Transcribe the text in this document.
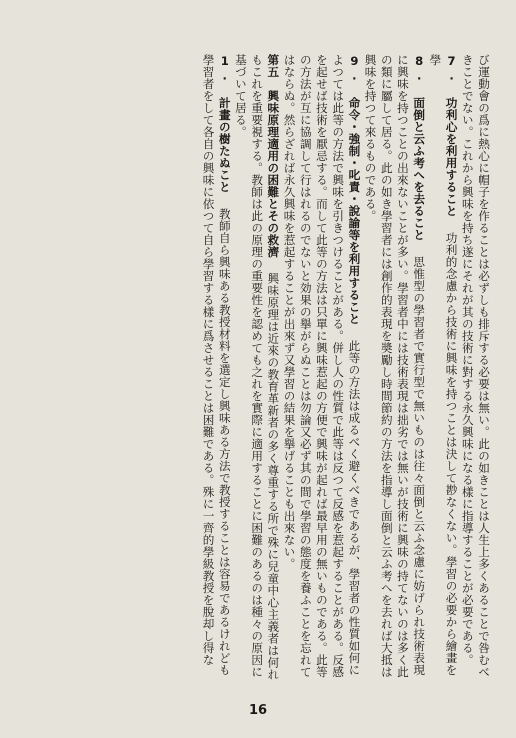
び運動會の爲に熱心に帽子を作ることは必ずしも排斥する必要は無い。此の如きことは人生上多くあることで咎むべきことでない。これから興味を持ち遂にそれが其の技術に對する永久興味になる樣に指導することが必要である。

7. 功利心を利用すること 功利的念慮から技術に興味を持つことは決して尠なくない。學習の必要から繪畫を學

8. 面倒と云ふ考へを去ること 思惟型の學習者で實行型で無いものは往々面倒と云ふ念慮に妨げられ技術表現に興味を持つことの出來ないことが多い。學習者中には技術表現は拙劣では無いが技術に興味の持てないのは多く此の類に屬して居る。此の如き學習者には創作的表現を奬勵し時間節約の方法を指導し面倒と云ふ考へを去れば大抵は興味を持つて來るものである。

9. 命令・強制・叱責・說諭等を利用すること 此等の方法は成るべく避くべきであるが、學習者の性質如何によつては此等の方法で興味を引きつけることがある。併し人の性質で此等は反つて反感を惹起することがある。反感を起せば技術を厭忌する。而して此等の方法は只單に興味惹起の方便で興味が起れば最早用の無いものである。此等の方法が互に協調して行はれるのでないと効果の擧がらぬことは勿論又必ず其の間で學習の態度を養ふことを忘れてはならぬ。然らざれば永久興味を惹起することが出來ず又學習の結果を擧げることも出來ない。

第五　興味原理適用の困難とその救濟 興味原理は近來の教育革新者の多く尊重する所で殊に兒童中心主義者は何れもこれを重要視する。教師は此の原理の重要性を認めても之れを實際に適用することに困難のあるのは種々の原因に基づいて居る。

1. 計畫の樹たぬこと 教師自ら興味ある教授材料を選定し興味ある方法で教授することは容易であるけれども學習者をして各自の興味に依つて自ら學習する樣に爲させることは困難である。殊に一齊的學級教授を脫却し得な

16
